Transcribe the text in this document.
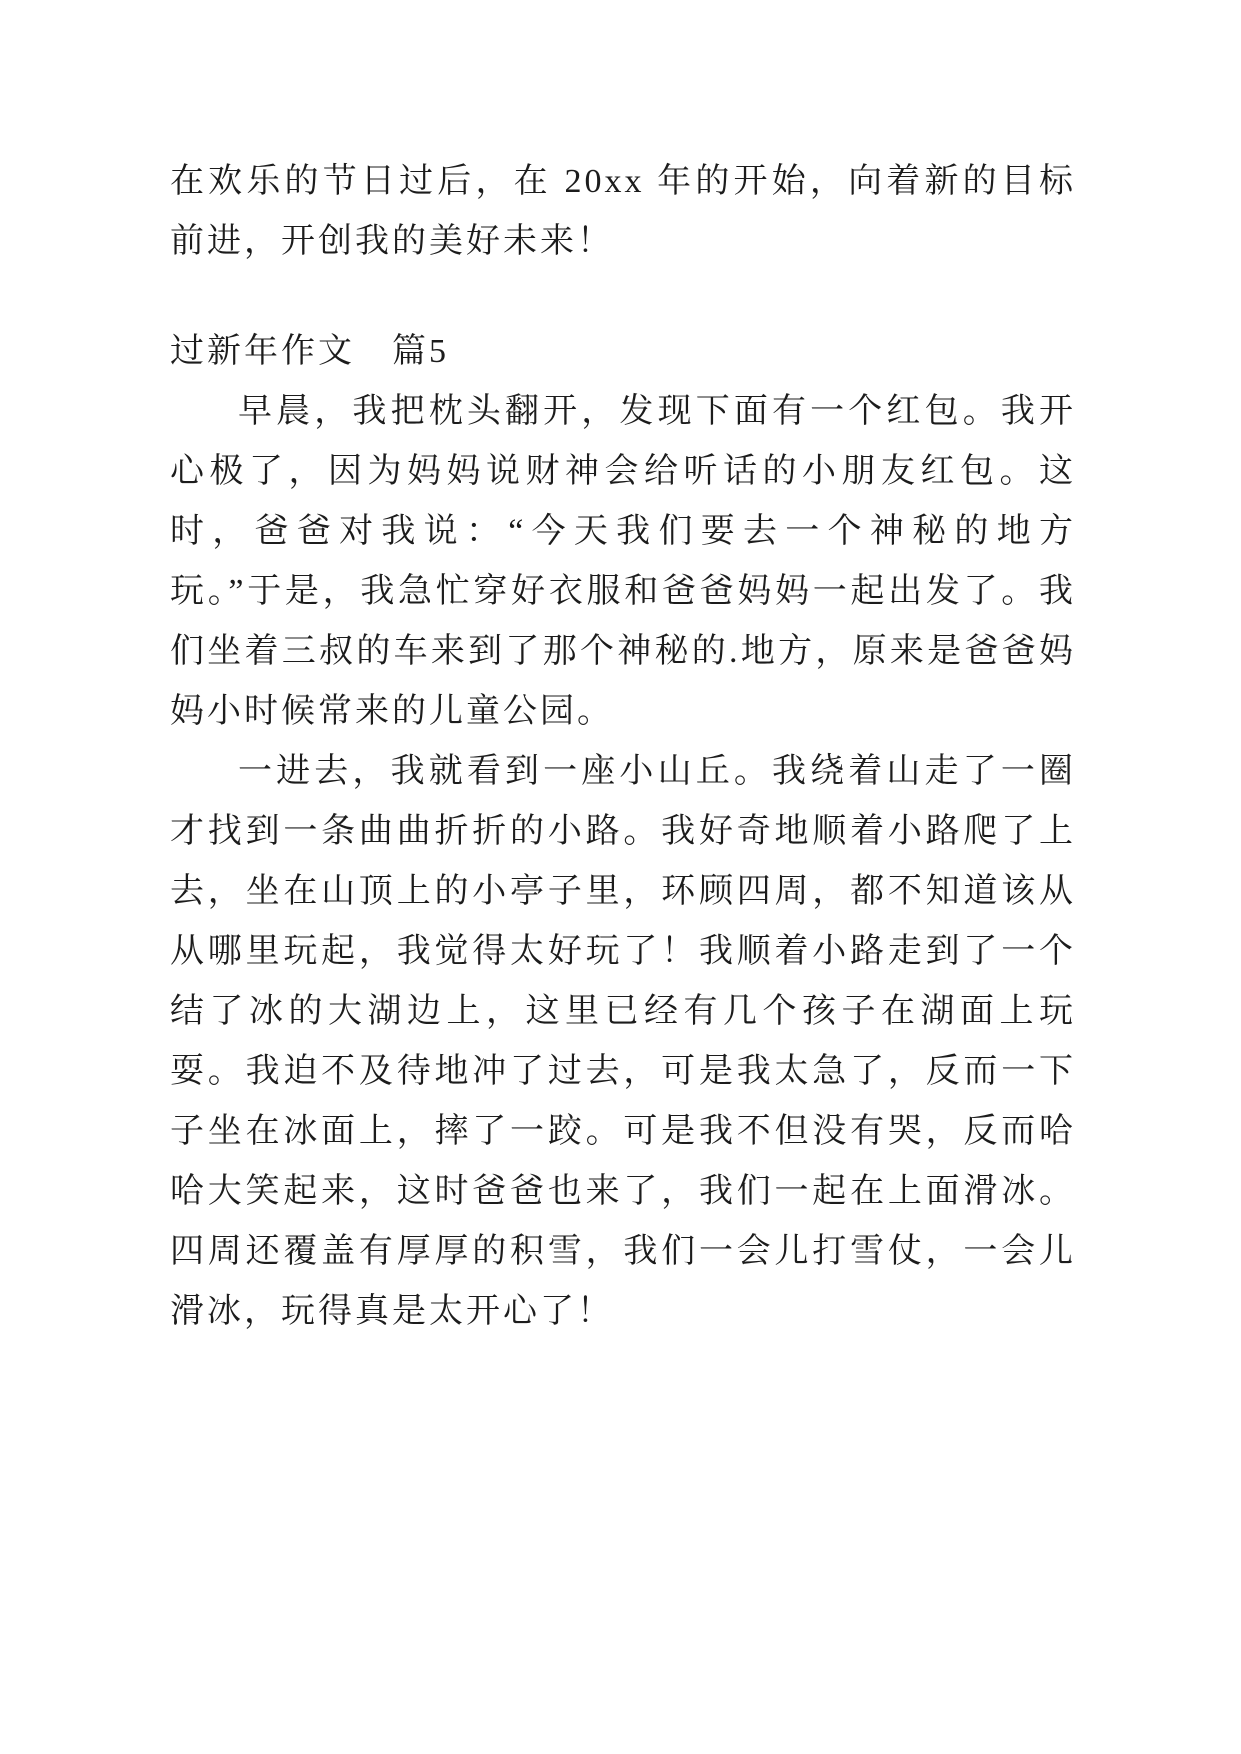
在欢乐的节日过后，在 20xx 年的开始，向着新的目标前进，开创我的美好未来！

过新年作文　篇5

早晨，我把枕头翻开，发现下面有一个红包。我开心极了，因为妈妈说财神会给听话的小朋友红包。这时，爸爸对我说：“今天我们要去一个神秘的地方玩。”于是，我急忙穿好衣服和爸爸妈妈一起出发了。我们坐着三叔的车来到了那个神秘的.地方，原来是爸爸妈妈小时候常来的儿童公园。

一进去，我就看到一座小山丘。我绕着山走了一圈才找到一条曲曲折折的小路。我好奇地顺着小路爬了上去，坐在山顶上的小亭子里，环顾四周，都不知道该从从哪里玩起，我觉得太好玩了！我顺着小路走到了一个结了冰的大湖边上，这里已经有几个孩子在湖面上玩耍。我迫不及待地冲了过去，可是我太急了，反而一下子坐在冰面上，摔了一跤。可是我不但没有哭，反而哈哈大笑起来，这时爸爸也来了，我们一起在上面滑冰。四周还覆盖有厚厚的积雪，我们一会儿打雪仗，一会儿滑冰，玩得真是太开心了！
